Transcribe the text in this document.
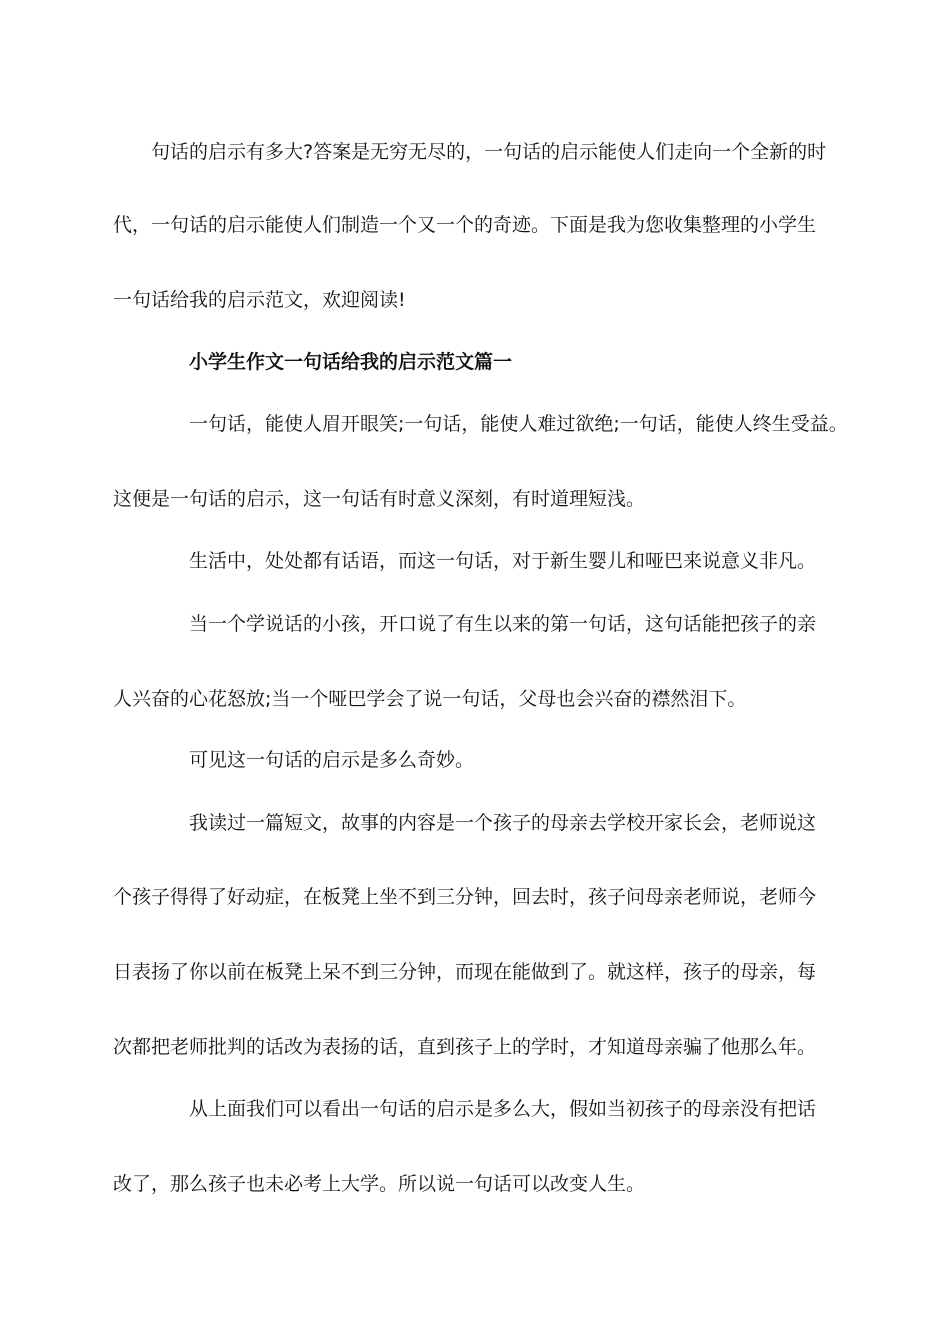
句话的启示有多大?答案是无穷无尽的，一句话的启示能使人们走向一个全新的时
代，一句话的启示能使人们制造一个又一个的奇迹。下面是我为您收集整理的小学生
一句话给我的启示范文，欢迎阅读!
小学生作文一句话给我的启示范文篇一
一句话，能使人眉开眼笑;一句话，能使人难过欲绝;一句话，能使人终生受益。
这便是一句话的启示，这一句话有时意义深刻，有时道理短浅。
生活中，处处都有话语，而这一句话，对于新生婴儿和哑巴来说意义非凡。
当一个学说话的小孩，开口说了有生以来的第一句话，这句话能把孩子的亲
人兴奋的心花怒放;当一个哑巴学会了说一句话，父母也会兴奋的襟然泪下。
可见这一句话的启示是多么奇妙。
我读过一篇短文，故事的内容是一个孩子的母亲去学校开家长会，老师说这
个孩子得得了好动症，在板凳上坐不到三分钟，回去时，孩子问母亲老师说，老师今
日表扬了你以前在板凳上呆不到三分钟，而现在能做到了。就这样，孩子的母亲，每
次都把老师批判的话改为表扬的话，直到孩子上的学时，才知道母亲骗了他那么年。
从上面我们可以看出一句话的启示是多么大，假如当初孩子的母亲没有把话
改了，那么孩子也未必考上大学。所以说一句话可以改变人生。
